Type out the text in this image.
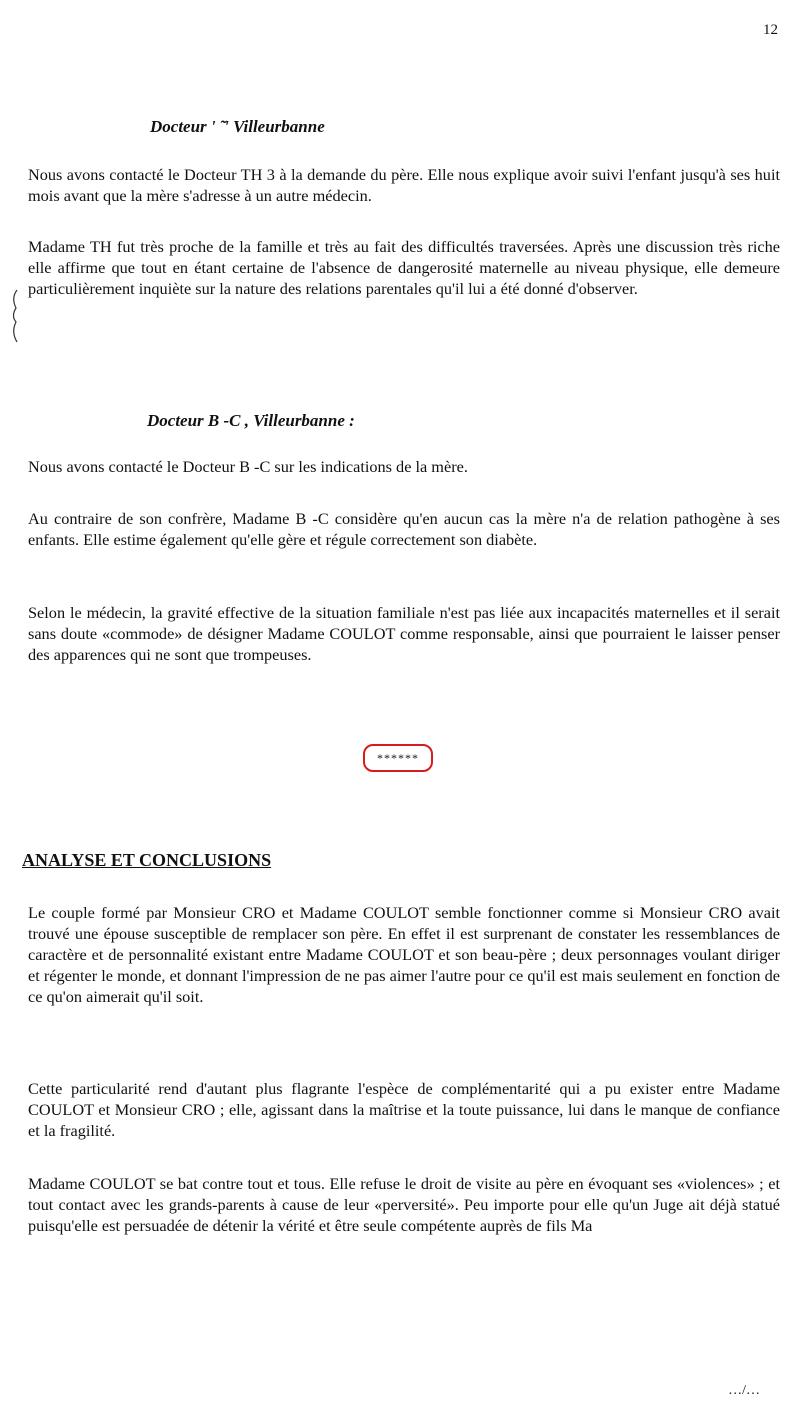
12
Docteur ' ̃ ' Villeurbanne

Nous avons contacté le Docteur TH 3 à la demande du père. Elle nous explique avoir suivi l'enfant jusqu'à ses huit mois avant que la mère s'adresse à un autre médecin.

Madame TH fut très proche de la famille et très au fait des difficultés traversées. Après une discussion très riche elle affirme que tout en étant certaine de l'absence de dangerosité maternelle au niveau physique, elle demeure particulièrement inquiète sur la nature des relations parentales qu'il lui a été donné d'observer.

Docteur B -C , Villeurbanne :

Nous avons contacté le Docteur B -C sur les indications de la mère.

Au contraire de son confrère, Madame B -C considère qu'en aucun cas la mère n'a de relation pathogène à ses enfants. Elle estime également qu'elle gère et régule correctement son diabète.

Selon le médecin, la gravité effective de la situation familiale n'est pas liée aux incapacités maternelles et il serait sans doute «commode» de désigner Madame COULOT comme responsable, ainsi que pourraient le laisser penser des apparences qui ne sont que trompeuses.

******
ANALYSE ET CONCLUSIONS

Le couple formé par Monsieur CRO et Madame COULOT semble fonctionner comme si Monsieur CRO avait trouvé une épouse susceptible de remplacer son père. En effet il est surprenant de constater les ressemblances de caractère et de personnalité existant entre Madame COULOT et son beau-père ; deux personnages voulant diriger et régenter le monde, et donnant l'impression de ne pas aimer l'autre pour ce qu'il est mais seulement en fonction de ce qu'on aimerait qu'il soit.

Cette particularité rend d'autant plus flagrante l'espèce de complémentarité qui a pu exister entre Madame COULOT et Monsieur CRO ; elle, agissant dans la maîtrise et la toute puissance, lui dans le manque de confiance et la fragilité.

Madame COULOT se bat contre tout et tous. Elle refuse le droit de visite au père en évoquant ses «violences» ; et tout contact avec les grands-parents à cause de leur «perversité». Peu importe pour elle qu'un Juge ait déjà statué puisqu'elle est persuadée de détenir la vérité et être seule compétente auprès de fils Ma

…/…
